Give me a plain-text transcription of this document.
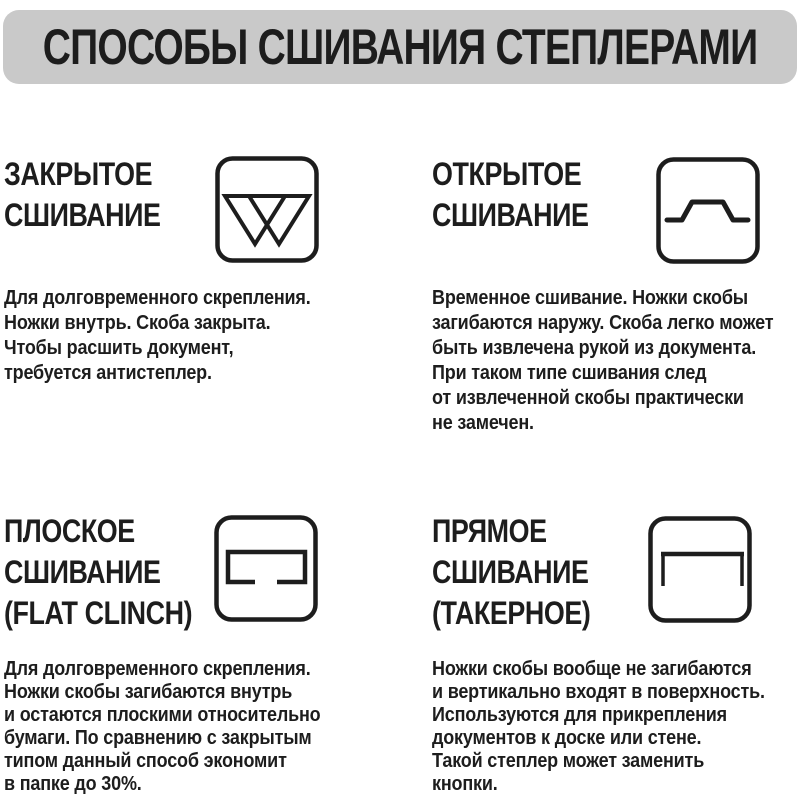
СПОСОБЫ СШИВАНИЯ СТЕПЛЕРАМИ
ЗАКРЫТОЕ
СШИВАНИЕ
Для долговременного скрепления.
Ножки внутрь. Скоба закрыта.
Чтобы расшить документ,
требуется антистеплер.
ОТКРЫТОЕ
СШИВАНИЕ
Временное сшивание. Ножки скобы
загибаются наружу. Скоба легко может
быть извлечена рукой из документа.
При таком типе сшивания след
от извлеченной скобы практически
не замечен.
ПЛОСКОЕ
СШИВАНИЕ
(FLAT CLINCH)
Для долговременного скрепления.
Ножки скобы загибаются внутрь
и остаются плоскими относительно
бумаги. По сравнению с закрытым
типом данный способ экономит
в папке до 30%.
ПРЯМОЕ
СШИВАНИЕ
(ТАКЕРНОЕ)
Ножки скобы вообще не загибаются
и вертикально входят в поверхность.
Используются для прикрепления
документов к доске или стене.
Такой степлер может заменить
кнопки.
